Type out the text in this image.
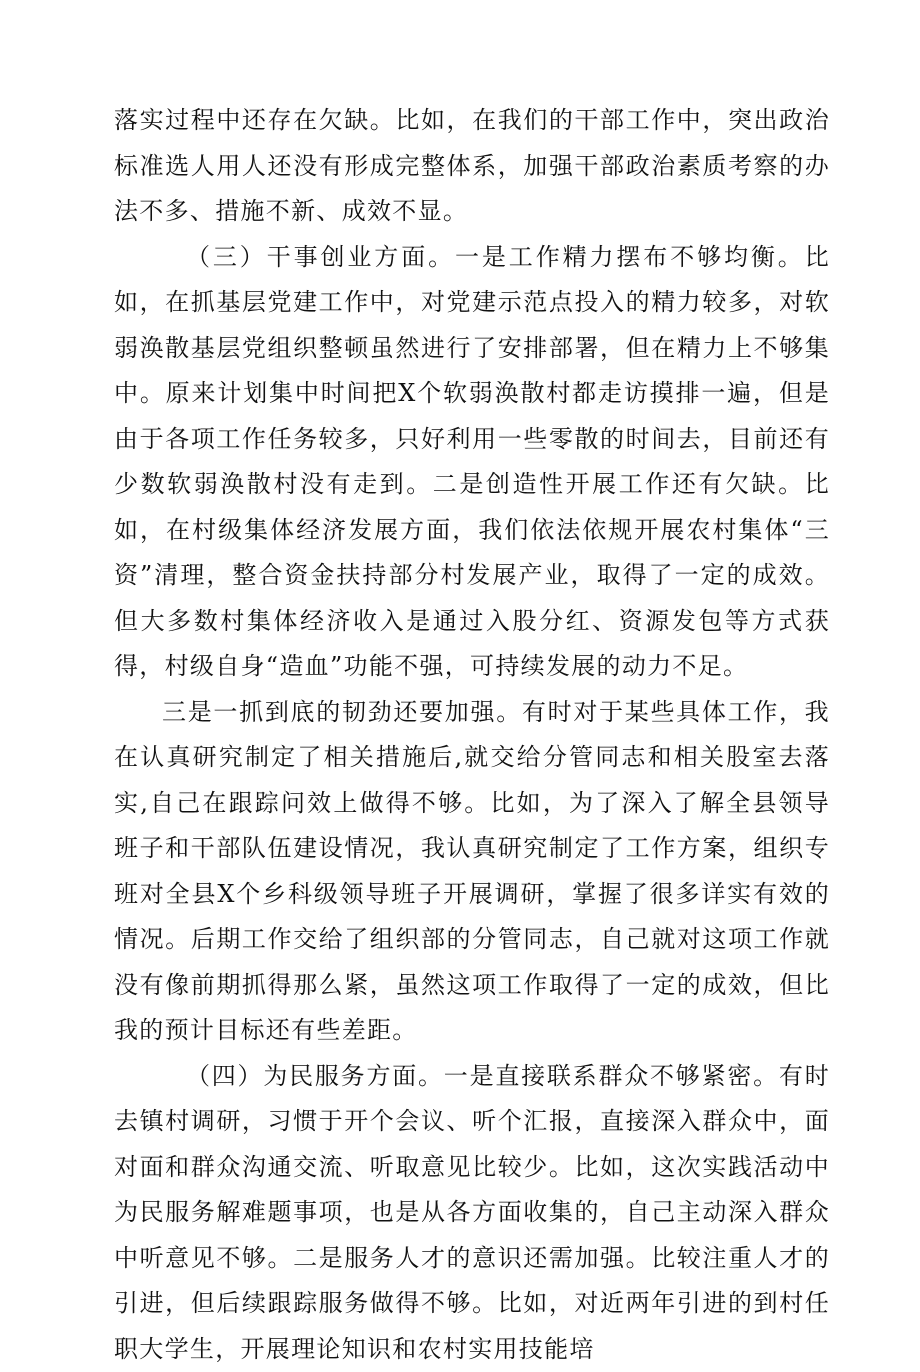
落实过程中还存在欠缺。比如，在我们的干部工作中，突出政治标准选人用人还没有形成完整体系，加强干部政治素质考察的办法不多、措施不新、成效不显。

（三）干事创业方面。一是工作精力摆布不够均衡。比如，在抓基层党建工作中，对党建示范点投入的精力较多，对软弱涣散基层党组织整顿虽然进行了安排部署，但在精力上不够集中。原来计划集中时间把X个软弱涣散村都走访摸排一遍，但是由于各项工作任务较多，只好利用一些零散的时间去，目前还有少数软弱涣散村没有走到。二是创造性开展工作还有欠缺。比如，在村级集体经济发展方面，我们依法依规开展农村集体“三资”清理，整合资金扶持部分村发展产业，取得了一定的成效。但大多数村集体经济收入是通过入股分红、资源发包等方式获得，村级自身“造血”功能不强，可持续发展的动力不足。

三是一抓到底的韧劲还要加强。有时对于某些具体工作，我在认真研究制定了相关措施后,就交给分管同志和相关股室去落实,自己在跟踪问效上做得不够。比如，为了深入了解全县领导班子和干部队伍建设情况，我认真研究制定了工作方案，组织专班对全县X个乡科级领导班子开展调研，掌握了很多详实有效的情况。后期工作交给了组织部的分管同志，自己就对这项工作就没有像前期抓得那么紧，虽然这项工作取得了一定的成效，但比我的预计目标还有些差距。

（四）为民服务方面。一是直接联系群众不够紧密。有时去镇村调研，习惯于开个会议、听个汇报，直接深入群众中，面对面和群众沟通交流、听取意见比较少。比如，这次实践活动中为民服务解难题事项，也是从各方面收集的，自己主动深入群众中听意见不够。二是服务人才的意识还需加强。比较注重人才的引进，但后续跟踪服务做得不够。比如，对近两年引进的到村任职大学生，开展理论知识和农村实用技能培
